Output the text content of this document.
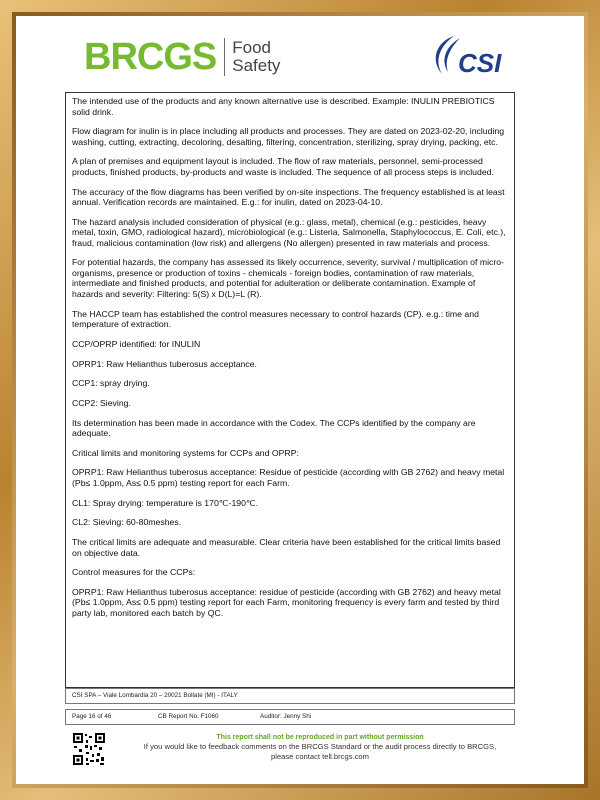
BRCGS Food
Safety	CSI

The intended use of the products and any known alternative use is described. Example: INULIN PREBIOTICS solid drink.

Flow diagram for inulin is in place including all products and processes. They are dated on 2023-02-20, including washing, cutting, extracting, decoloring, desalting, filtering, concentration, sterilizing, spray drying, packing, etc.

A plan of premises and equipment layout is included. The flow of raw materials, personnel, semi-processed products, finished products, by-products and waste is included. The sequence of all process steps is included.

The accuracy of the flow diagrams has been verified by on-site inspections. The frequency established is at least annual. Verification records are maintained. E.g.: for inulin, dated on 2023-04-10.

The hazard analysis included consideration of physical (e.g.: glass, metal), chemical (e.g.: pesticides, heavy metal, toxin, GMO, radiological hazard), microbiological (e.g.: Listeria, Salmonella, Staphylococcus, E. Coli, etc.), fraud, malicious contamination (low risk) and allergens (No allergen) presented in raw materials and process.

For potential hazards, the company has assessed its likely occurrence, severity, survival / multiplication of micro-organisms, presence or production of toxins - chemicals - foreign bodies, contamination of raw materials, intermediate and finished products, and potential for adulteration or deliberate contamination. Example of hazards and severity: Filtering: 5(S) x D(L)=L (R).

The HACCP team has established the control measures necessary to control hazards (CP). e.g.: time and temperature of extraction.

CCP/OPRP identified: for INULIN

OPRP1: Raw Helianthus tuberosus acceptance.

CCP1: spray drying.

CCP2: Sieving.

Its determination has been made in accordance with the Codex. The CCPs identified by the company are adequate.

Critical limits and monitoring systems for CCPs and OPRP:

OPRP1: Raw Helianthus tuberosus acceptance: Residue of pesticide (according with GB 2762) and heavy metal (Pb≤ 1.0ppm, As≤ 0.5 ppm) testing report for each Farm.

CL1: Spray drying: temperature is 170℃-190℃.

CL2: Sieving: 60-80meshes.

The critical limits are adequate and measurable. Clear criteria have been established for the critical limits based on objective data.

Control measures for the CCPs:

OPRP1: Raw Helianthus tuberosus acceptance: residue of pesticide (according with GB 2762) and heavy metal (Pb≤ 1.0ppm, As≤ 0.5 ppm) testing report for each Farm, monitoring frequency is every farm and tested by third party lab, monitored each batch by QC.

CSI SPA – Viale Lombardia 20 – 20021 Bollate (MI) - ITALY
Page 16 of 46	CB Report No. F1060	Auditor: Jenny Shi
This report shall not be reproduced in part without permission
If you would like to feedback comments on the BRCGS Standard or the audit process directly to BRCGS,
please contact tell.brcgs.com
